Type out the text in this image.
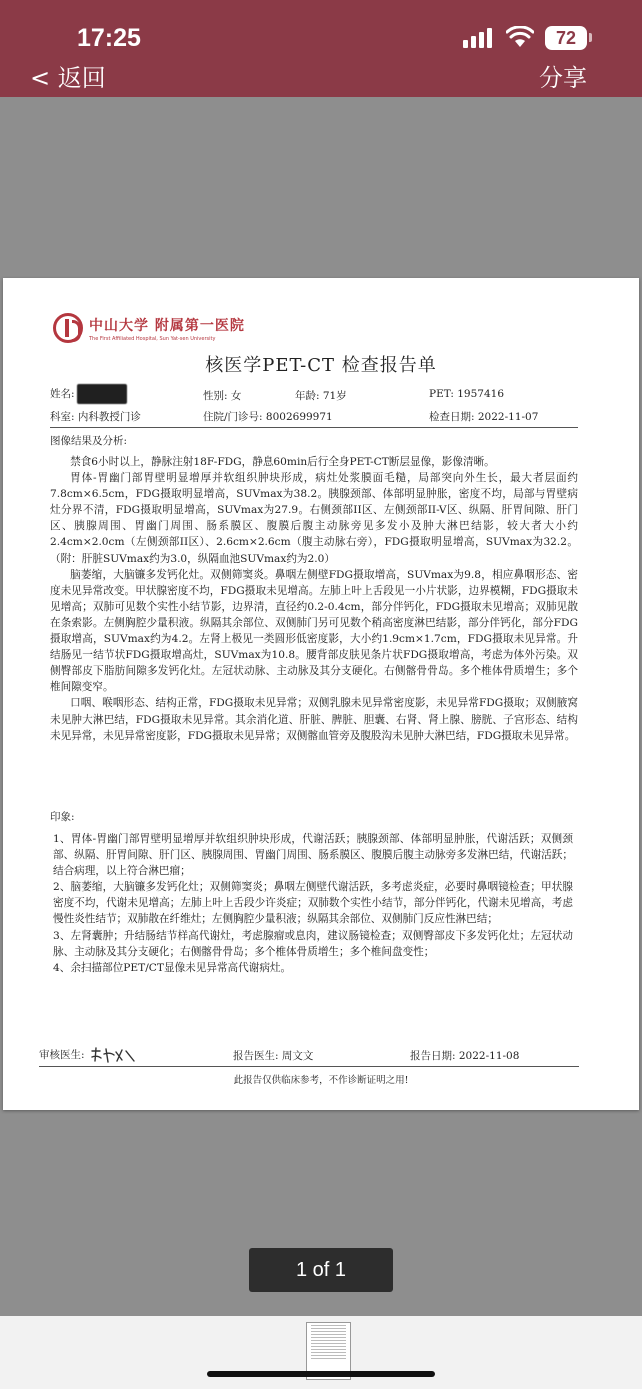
17:25	72
< 返回	分享
中山大学 附属第一医院
The First Affiliated Hospital, Sun Yat-sen University
核医学PET-CT 检查报告单
姓名:	性别: 女	年龄: 71岁	PET: 1957416
科室: 内科教授门诊	住院/门诊号: 8002699971	检查日期: 2022-11-07
图像结果及分析:

禁食6小时以上，静脉注射18F-FDG，静息60min后行全身PET-CT断层显像，影像清晰。

胃体-胃幽门部胃壁明显增厚并软组织肿块形成，病灶处浆膜面毛糙，局部突向外生长，最大者层面约7.8cm×6.5cm，FDG摄取明显增高，SUVmax为38.2。胰腺颈部、体部明显肿胀，密度不均，局部与胃壁病灶分界不清，FDG摄取明显增高，SUVmax为27.9。右侧颈部II区、左侧颈部II-V区、纵隔、肝胃间隙、肝门区、胰腺周围、胃幽门周围、肠系膜区、腹膜后腹主动脉旁见多发小及肿大淋巴结影，较大者大小约2.4cm×2.0cm（左侧颈部II区）、2.6cm×2.6cm（腹主动脉右旁），FDG摄取明显增高，SUVmax为32.2。（附：肝脏SUVmax约为3.0，纵隔血池SUVmax约为2.0）

脑萎缩，大脑镰多发钙化灶。双侧筛窦炎。鼻咽左侧壁FDG摄取增高，SUVmax为9.8，相应鼻咽形态、密度未见异常改变。甲状腺密度不均，FDG摄取未见增高。左肺上叶上舌段见一小片状影，边界模糊，FDG摄取未见增高；双肺可见数个实性小结节影，边界清，直径约0.2-0.4cm，部分伴钙化，FDG摄取未见增高；双肺见散在条索影。左侧胸腔少量积液。纵隔其余部位、双侧肺门另可见数个稍高密度淋巴结影，部分伴钙化，部分FDG摄取增高，SUVmax约为4.2。左肾上极见一类圆形低密度影，大小约1.9cm×1.7cm，FDG摄取未见异常。升结肠见一结节状FDG摄取增高灶，SUVmax为10.8。腰背部皮肤见条片状FDG摄取增高，考虑为体外污染。双侧臀部皮下脂肪间隙多发钙化灶。左冠状动脉、主动脉及其分支硬化。右侧髂骨骨岛。多个椎体骨质增生；多个椎间隙变窄。

口咽、喉咽形态、结构正常，FDG摄取未见异常；双侧乳腺未见异常密度影，未见异常FDG摄取；双侧腋窝未见肿大淋巴结，FDG摄取未见异常。其余消化道、肝脏、脾脏、胆囊、右肾、肾上腺、膀胱、子宫形态、结构未见异常，未见异常密度影，FDG摄取未见异常；双侧髂血管旁及腹股沟未见肿大淋巴结，FDG摄取未见异常。

印象:

1、胃体-胃幽门部胃壁明显增厚并软组织肿块形成，代谢活跃；胰腺颈部、体部明显肿胀，代谢活跃；双侧颈部、纵隔、肝胃间隙、肝门区、胰腺周围、胃幽门周围、肠系膜区、腹膜后腹主动脉旁多发淋巴结，代谢活跃；结合病理，以上符合淋巴瘤；

2、脑萎缩，大脑镰多发钙化灶；双侧筛窦炎；鼻咽左侧壁代谢活跃，多考虑炎症，必要时鼻咽镜检查；甲状腺密度不均，代谢未见增高；左肺上叶上舌段少许炎症；双肺数个实性小结节，部分伴钙化，代谢未见增高，考虑慢性炎性结节；双肺散在纤维灶；左侧胸腔少量积液；纵隔其余部位、双侧肺门反应性淋巴结；

3、左肾囊肿；升结肠结节样高代谢灶，考虑腺瘤或息肉，建议肠镜检查；双侧臀部皮下多发钙化灶；左冠状动脉、主动脉及其分支硬化；右侧髂骨骨岛；多个椎体骨质增生；多个椎间盘变性；

4、余扫描部位PET/CT显像未见异常高代谢病灶。

审核医生:	报告医生: 周文文	报告日期: 2022-11-08
此报告仅供临床参考，不作诊断证明之用!
1 of 1
